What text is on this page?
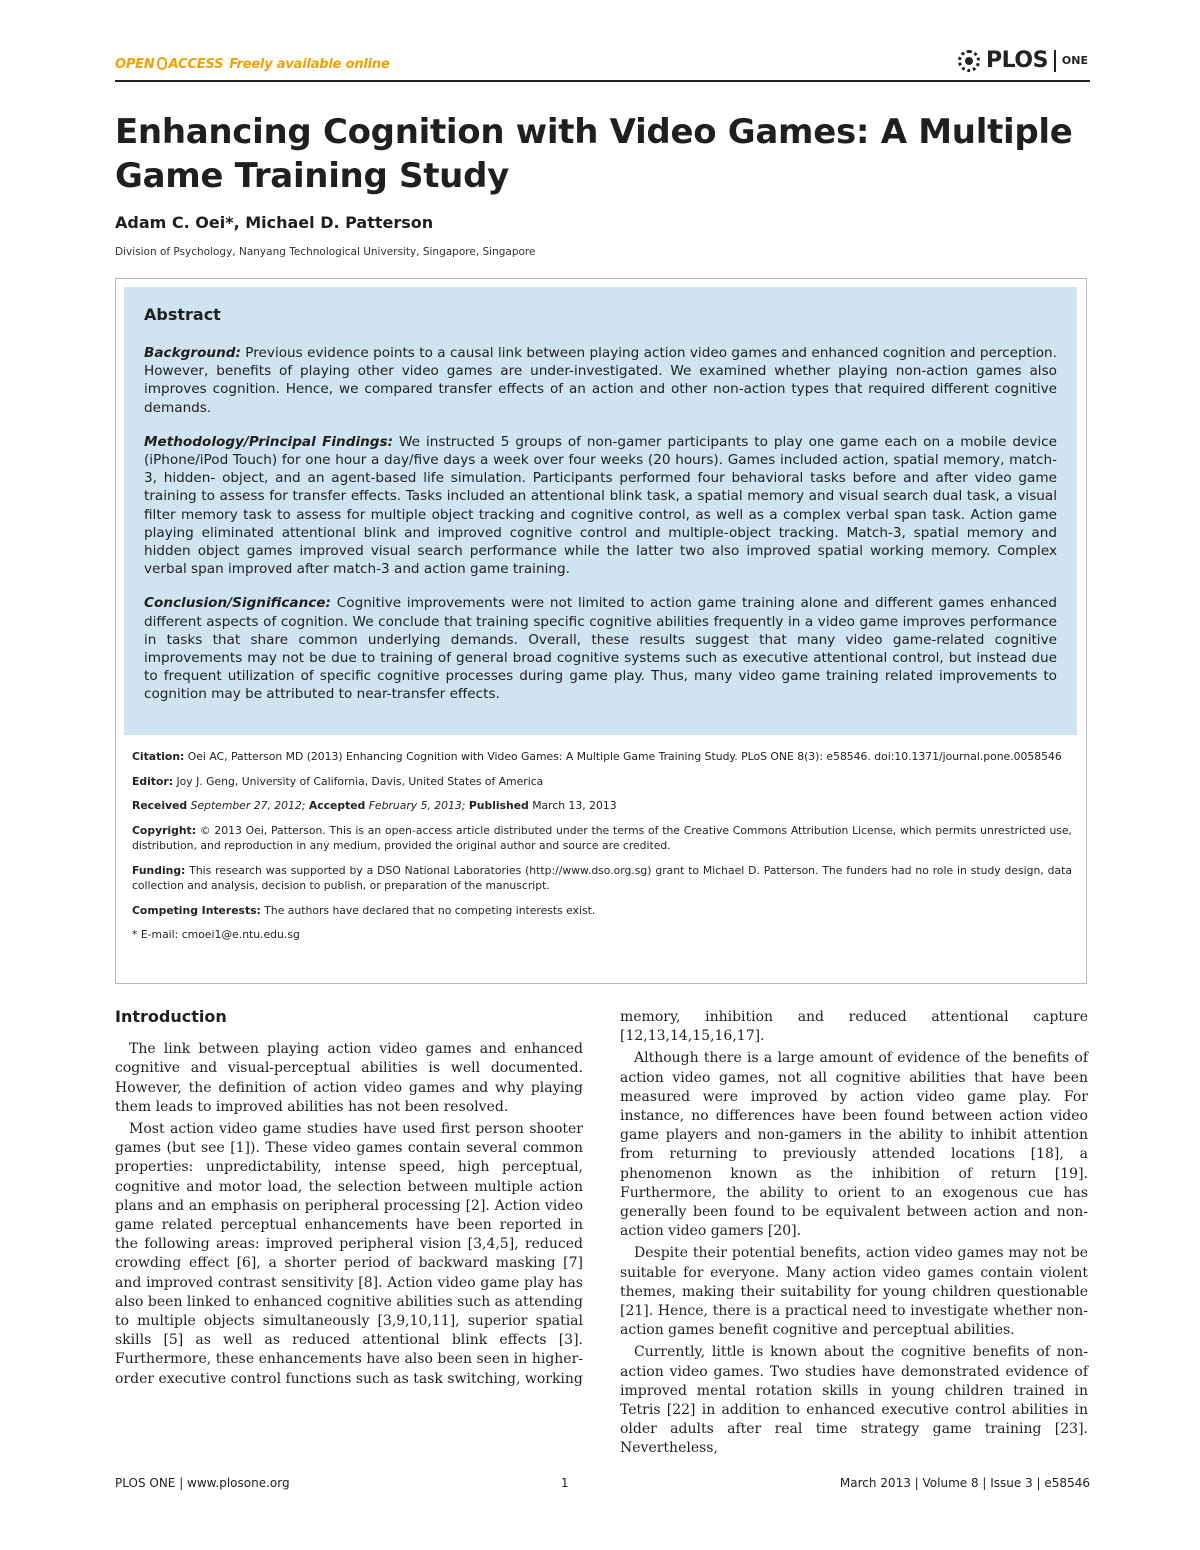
OPEN ACCESS Freely available online	PLOS ONE
Enhancing Cognition with Video Games: A Multiple Game Training Study
Adam C. Oei*, Michael D. Patterson
Division of Psychology, Nanyang Technological University, Singapore, Singapore
Abstract

Background: Previous evidence points to a causal link between playing action video games and enhanced cognition and perception. However, benefits of playing other video games are under-investigated. We examined whether playing non-action games also improves cognition. Hence, we compared transfer effects of an action and other non-action types that required different cognitive demands.

Methodology/Principal Findings: We instructed 5 groups of non-gamer participants to play one game each on a mobile device (iPhone/iPod Touch) for one hour a day/five days a week over four weeks (20 hours). Games included action, spatial memory, match-3, hidden- object, and an agent-based life simulation. Participants performed four behavioral tasks before and after video game training to assess for transfer effects. Tasks included an attentional blink task, a spatial memory and visual search dual task, a visual filter memory task to assess for multiple object tracking and cognitive control, as well as a complex verbal span task. Action game playing eliminated attentional blink and improved cognitive control and multiple-object tracking. Match-3, spatial memory and hidden object games improved visual search performance while the latter two also improved spatial working memory. Complex verbal span improved after match-3 and action game training.

Conclusion/Significance: Cognitive improvements were not limited to action game training alone and different games enhanced different aspects of cognition. We conclude that training specific cognitive abilities frequently in a video game improves performance in tasks that share common underlying demands. Overall, these results suggest that many video game-related cognitive improvements may not be due to training of general broad cognitive systems such as executive attentional control, but instead due to frequent utilization of specific cognitive processes during game play. Thus, many video game training related improvements to cognition may be attributed to near-transfer effects.

Citation: Oei AC, Patterson MD (2013) Enhancing Cognition with Video Games: A Multiple Game Training Study. PLoS ONE 8(3): e58546. doi:10.1371/journal.pone.0058546
Editor: Joy J. Geng, University of California, Davis, United States of America
Received September 27, 2012; Accepted February 5, 2013; Published March 13, 2013
Copyright: © 2013 Oei, Patterson. This is an open-access article distributed under the terms of the Creative Commons Attribution License, which permits unrestricted use, distribution, and reproduction in any medium, provided the original author and source are credited.
Funding: This research was supported by a DSO National Laboratories (http://www.dso.org.sg) grant to Michael D. Patterson. The funders had no role in study design, data collection and analysis, decision to publish, or preparation of the manuscript.
Competing Interests: The authors have declared that no competing interests exist.
* E-mail: cmoei1@e.ntu.edu.sg
Introduction

The link between playing action video games and enhanced cognitive and visual-perceptual abilities is well documented. However, the definition of action video games and why playing them leads to improved abilities has not been resolved.

Most action video game studies have used first person shooter games (but see [1]). These video games contain several common properties: unpredictability, intense speed, high perceptual, cognitive and motor load, the selection between multiple action plans and an emphasis on peripheral processing [2]. Action video game related perceptual enhancements have been reported in the following areas: improved peripheral vision [3,4,5], reduced crowding effect [6], a shorter period of backward masking [7] and improved contrast sensitivity [8]. Action video game play has also been linked to enhanced cognitive abilities such as attending to multiple objects simultaneously [3,9,10,11], superior spatial skills [5] as well as reduced attentional blink effects [3]. Furthermore, these enhancements have also been seen in higher-order executive control functions such as task switching, working

memory, inhibition and reduced attentional capture [12,13,14,15,16,17].

Although there is a large amount of evidence of the benefits of action video games, not all cognitive abilities that have been measured were improved by action video game play. For instance, no differences have been found between action video game players and non-gamers in the ability to inhibit attention from returning to previously attended locations [18], a phenomenon known as the inhibition of return [19]. Furthermore, the ability to orient to an exogenous cue has generally been found to be equivalent between action and non-action video gamers [20].

Despite their potential benefits, action video games may not be suitable for everyone. Many action video games contain violent themes, making their suitability for young children questionable [21]. Hence, there is a practical need to investigate whether non-action games benefit cognitive and perceptual abilities.

Currently, little is known about the cognitive benefits of non-action video games. Two studies have demonstrated evidence of improved mental rotation skills in young children trained in Tetris [22] in addition to enhanced executive control abilities in older adults after real time strategy game training [23]. Nevertheless,

PLOS ONE | www.plosone.org	1	March 2013 | Volume 8 | Issue 3 | e58546
